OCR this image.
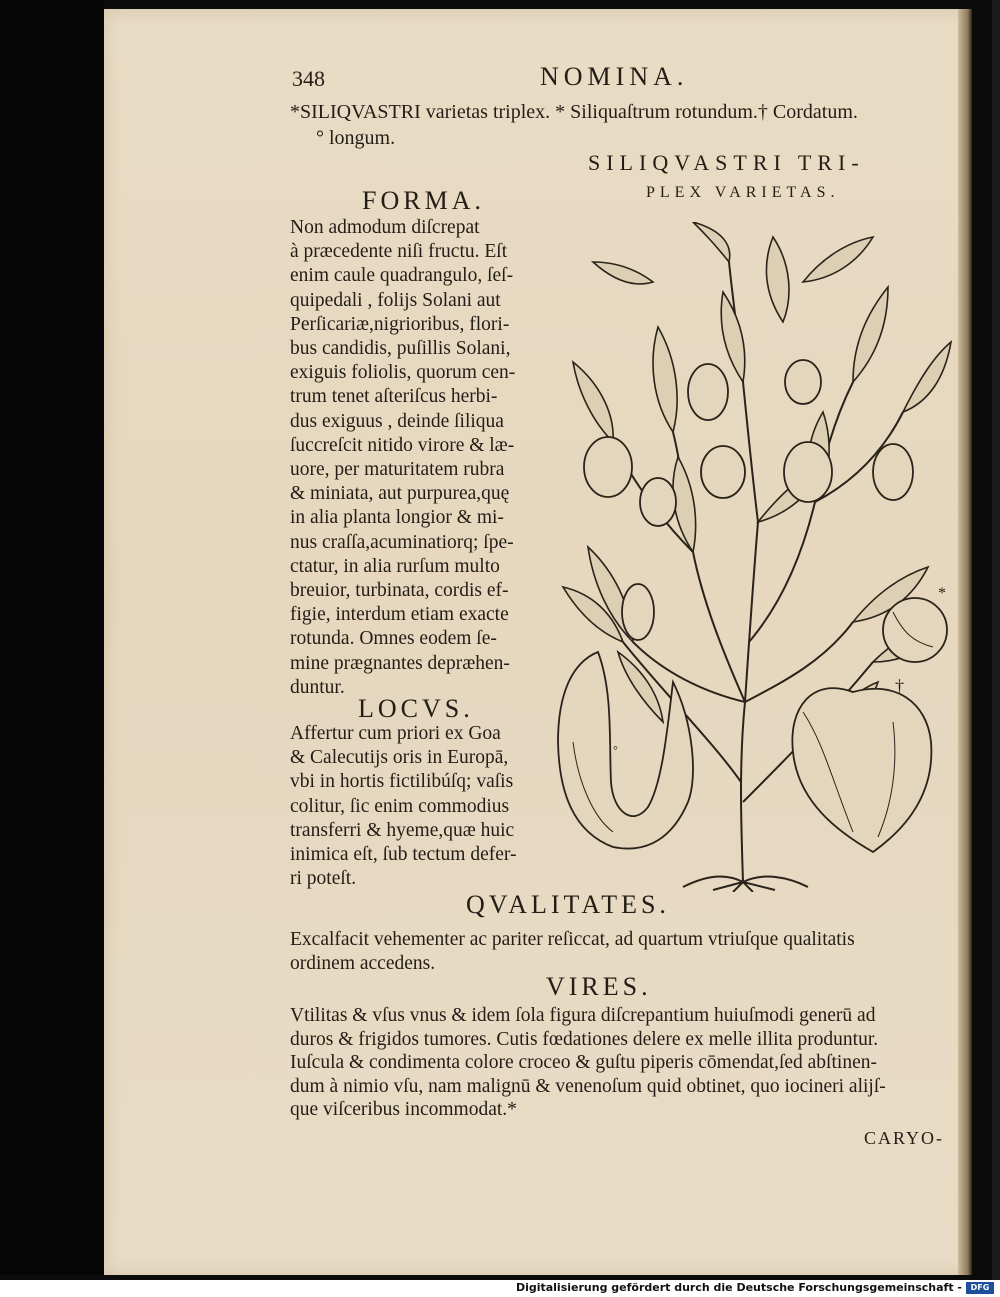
348	NOMINA.
*SILIQVASTRI varietas triplex. * Siliquaſtrum rotundum.† Cordatum.
° longum.
SILIQVASTRI TRI-
PLEX VARIETAS.
FORMA.
Non admodum diſcrepat
à præcedente niſi fructu. Eſt
enim caule quadrangulo, ſeſ-
quipedali , folijs Solani aut
Perſicariæ,nigrioribus, flori-
bus candidis, puſillis Solani,
exiguis foliolis, quorum cen-
trum tenet aſteriſcus herbi-
dus exiguus , deinde ſiliqua
ſuccreſcit nitido virore & læ-
uore, per maturitatem rubra
& miniata, aut purpurea,quę
in alia planta longior & mi-
nus craſſa,acuminatiorq; ſpe-
ctatur, in alia rurſum multo
breuior, turbinata, cordis ef-
figie, interdum etiam exacte
rotunda. Omnes eodem ſe-
mine prægnantes depræhen-
duntur.
LOCVS.
Affertur cum priori ex Goa
& Calecutijs oris in Europā,
vbi in hortis fictilibúſq; vaſis
colitur, ſic enim commodius
transferri & hyeme,quæ huic
inimica eſt, ſub tectum defer-
ri poteſt.
*
†
°
QVALITATES.
Excalfacit vehementer ac pariter reſiccat, ad quartum vtriuſque qualitatis
ordinem accedens.
VIRES.
Vtilitas & vſus vnus & idem ſola figura diſcrepantium huiuſmodi generū ad
duros & frigidos tumores. Cutis fœdationes delere ex melle illita produntur.
Iuſcula & condimenta colore croceo & guſtu piperis cōmendat,ſed abſtinen-
dum à nimio vſu, nam malignū & venenoſum quid obtinet, quo iocineri alijſ-
que viſceribus incommodat.*
CARYO-
Digitalisierung gefördert durch die Deutsche Forschungsgemeinschaft -	DFG
